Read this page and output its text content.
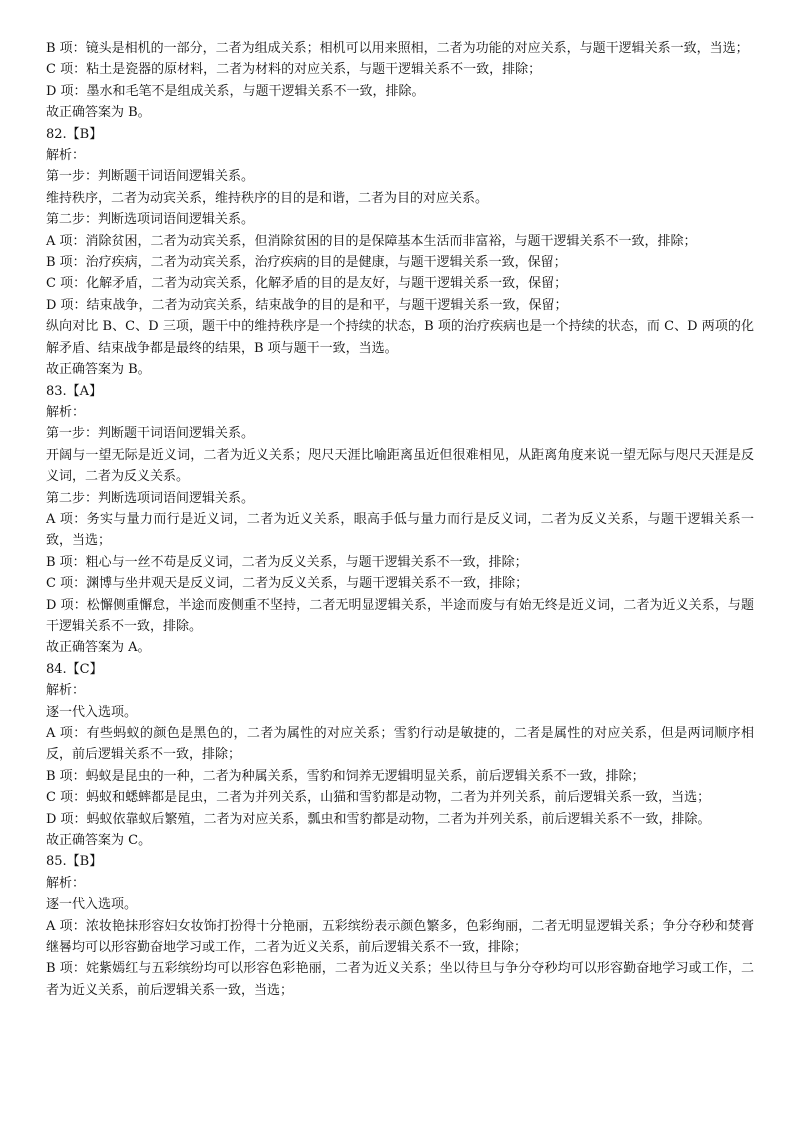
B 项：镜头是相机的一部分，二者为组成关系；相机可以用来照相，二者为功能的对应关系，与题干逻辑关系一致，当选；

C 项：粘土是瓷器的原材料，二者为材料的对应关系，与题干逻辑关系不一致，排除；

D 项：墨水和毛笔不是组成关系，与题干逻辑关系不一致，排除。

故正确答案为 B。

82.【B】

解析：

第一步：判断题干词语间逻辑关系。

维持秩序，二者为动宾关系，维持秩序的目的是和谐，二者为目的对应关系。

第二步：判断选项词语间逻辑关系。

A 项：消除贫困，二者为动宾关系，但消除贫困的目的是保障基本生活而非富裕，与题干逻辑关系不一致，排除；

B 项：治疗疾病，二者为动宾关系，治疗疾病的目的是健康，与题干逻辑关系一致，保留；

C 项：化解矛盾，二者为动宾关系，化解矛盾的目的是友好，与题干逻辑关系一致，保留；

D 项：结束战争，二者为动宾关系，结束战争的目的是和平，与题干逻辑关系一致，保留；

纵向对比 B、C、D 三项，题干中的维持秩序是一个持续的状态，B 项的治疗疾病也是一个持续的状态，而 C、D 两项的化解矛盾、结束战争都是最终的结果，B 项与题干一致，当选。

故正确答案为 B。

83.【A】

解析：

第一步：判断题干词语间逻辑关系。

开阔与一望无际是近义词，二者为近义关系；咫尺天涯比喻距离虽近但很难相见，从距离角度来说一望无际与咫尺天涯是反义词，二者为反义关系。

第二步：判断选项词语间逻辑关系。

A 项：务实与量力而行是近义词，二者为近义关系，眼高手低与量力而行是反义词，二者为反义关系，与题干逻辑关系一致，当选；

B 项：粗心与一丝不苟是反义词，二者为反义关系，与题干逻辑关系不一致，排除；

C 项：渊博与坐井观天是反义词，二者为反义关系，与题干逻辑关系不一致，排除；

D 项：松懈侧重懈怠，半途而废侧重不坚持，二者无明显逻辑关系，半途而废与有始无终是近义词，二者为近义关系，与题干逻辑关系不一致，排除。

故正确答案为 A。

84.【C】

解析：

逐一代入选项。

A 项：有些蚂蚁的颜色是黑色的，二者为属性的对应关系；雪豹行动是敏捷的，二者是属性的对应关系，但是两词顺序相反，前后逻辑关系不一致，排除；

B 项：蚂蚁是昆虫的一种，二者为种属关系，雪豹和饲养无逻辑明显关系，前后逻辑关系不一致，排除；

C 项：蚂蚁和蟋蟀都是昆虫，二者为并列关系，山猫和雪豹都是动物，二者为并列关系，前后逻辑关系一致，当选；

D 项：蚂蚁依靠蚁后繁殖，二者为对应关系，瓢虫和雪豹都是动物，二者为并列关系，前后逻辑关系不一致，排除。

故正确答案为 C。

85.【B】

解析：

逐一代入选项。

A 项：浓妆艳抹形容妇女妆饰打扮得十分艳丽，五彩缤纷表示颜色繁多，色彩绚丽，二者无明显逻辑关系；争分夺秒和焚膏继晷均可以形容勤奋地学习或工作，二者为近义关系，前后逻辑关系不一致，排除；

B 项：姹紫嫣红与五彩缤纷均可以形容色彩艳丽，二者为近义关系；坐以待旦与争分夺秒均可以形容勤奋地学习或工作，二者为近义关系，前后逻辑关系一致，当选；
